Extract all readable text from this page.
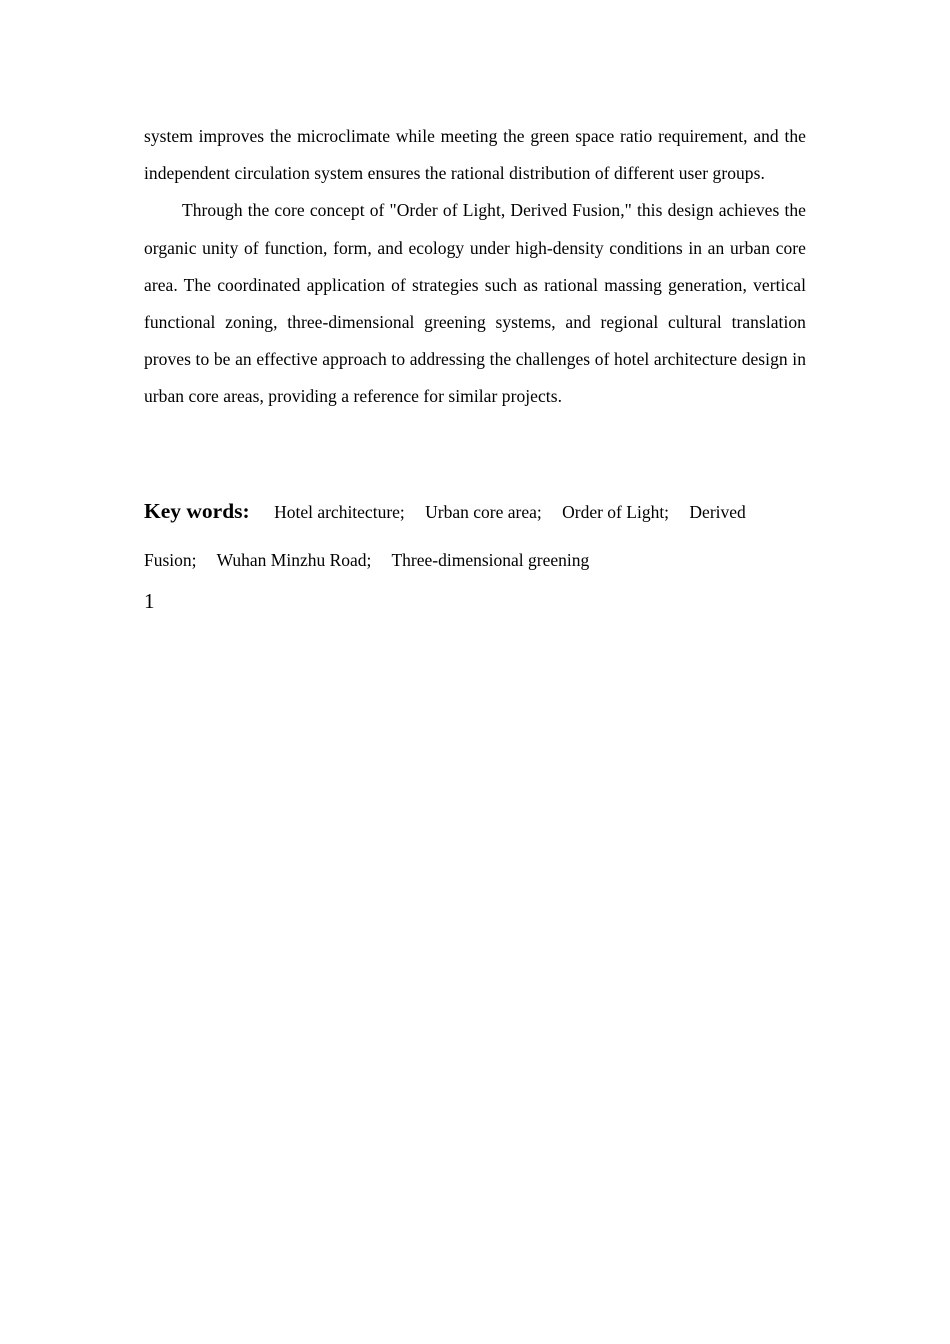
system improves the microclimate while meeting the green space ratio requirement, and the independent circulation system ensures the rational distribution of different user groups.

Through the core concept of "Order of Light, Derived Fusion," this design achieves the organic unity of function, form, and ecology under high-density conditions in an urban core area. The coordinated application of strategies such as rational massing generation, vertical functional zoning, three-dimensional greening systems, and regional cultural translation proves to be an effective approach to addressing the challenges of hotel architecture design in urban core areas, providing a reference for similar projects.

Key words: Hotel architecture; Urban core area; Order of Light; Derived Fusion; Wuhan Minzhu Road; Three-dimensional greening
1
